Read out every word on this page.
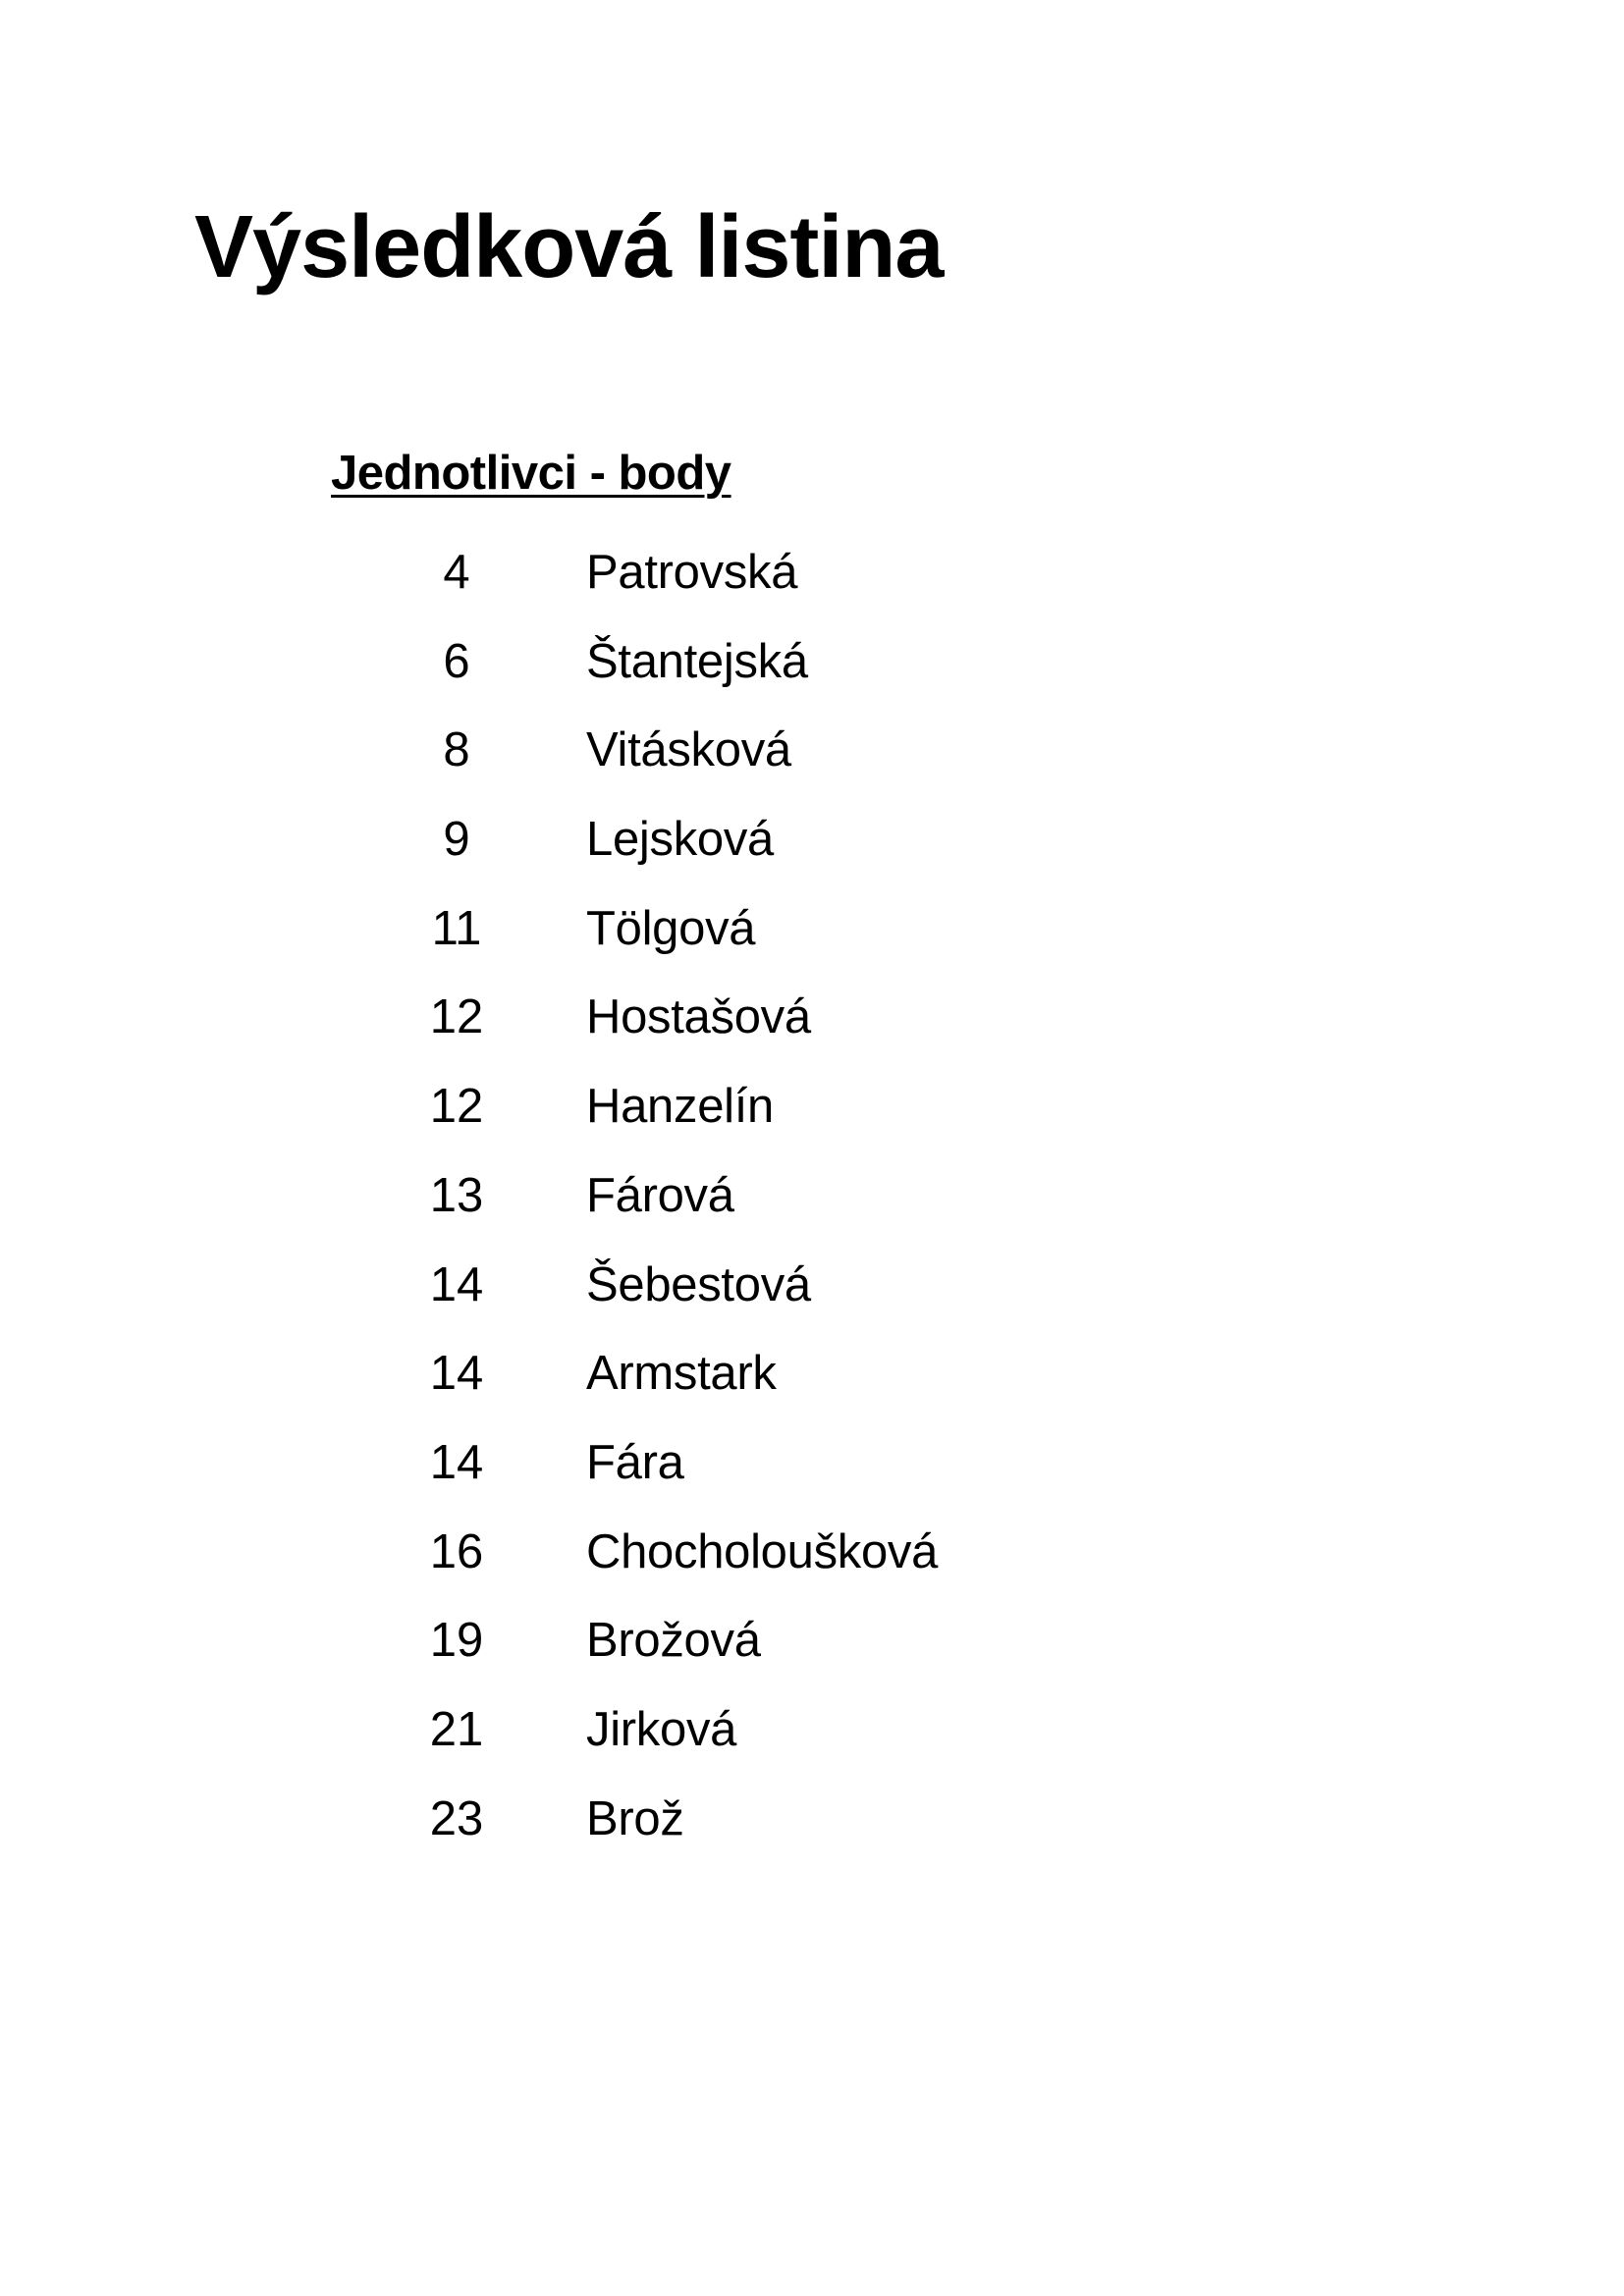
Výsledková listina
Jednotlivci - body
4	Patrovská
6	Štantejská
8	Vitásková
9	Lejsková
11	Tölgová
12	Hostašová
12	Hanzelín
13	Fárová
14	Šebestová
14	Armstark
14	Fára
16	Chocholoušková
19	Brožová
21	Jirková
23	Brož
